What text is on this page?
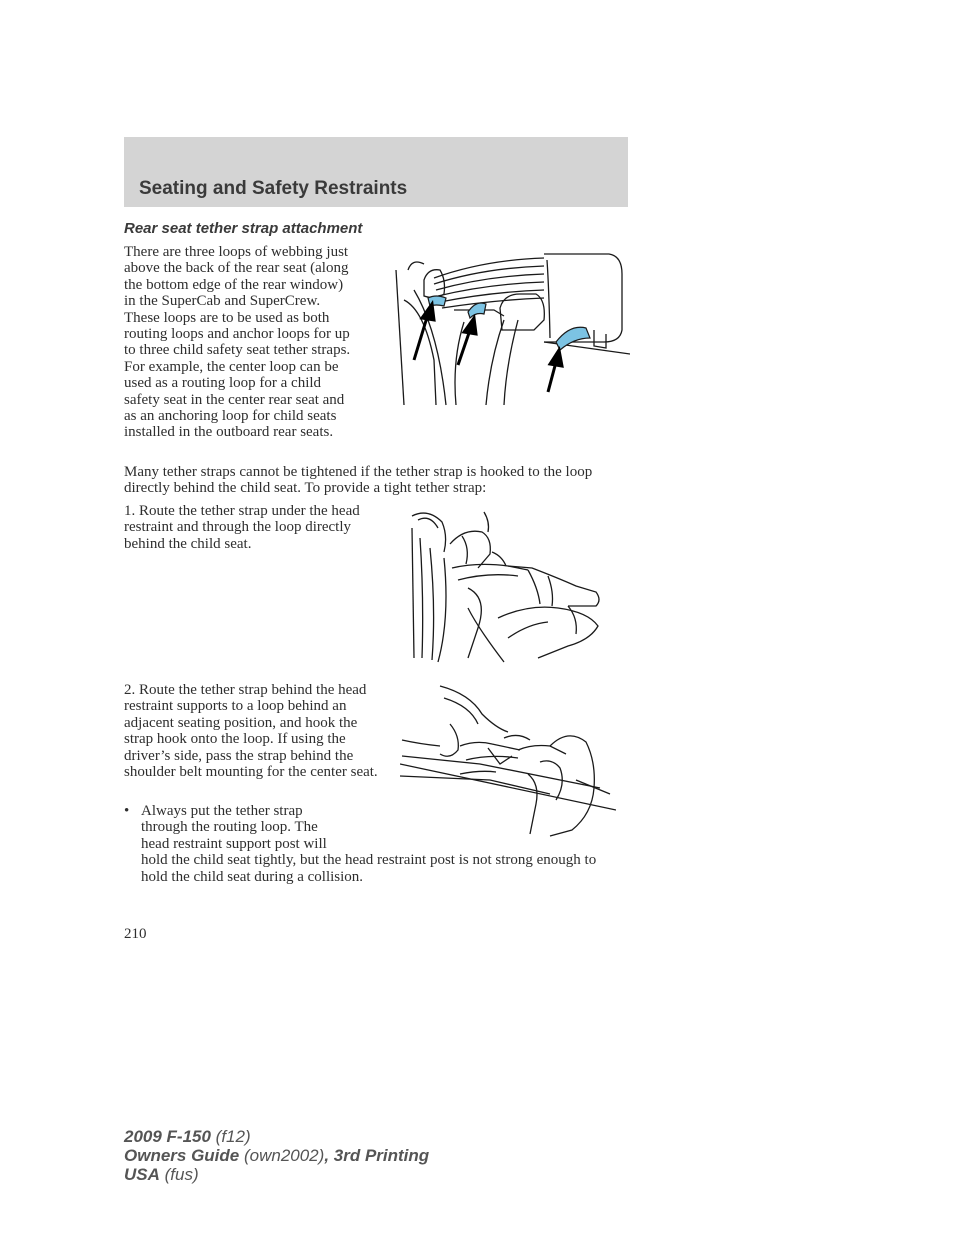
Seating and Safety Restraints
Rear seat tether strap attachment
There are three loops of webbing just above the back of the rear seat (along the bottom edge of the rear window) in the SuperCab and SuperCrew. These loops are to be used as both routing loops and anchor loops for up to three child safety seat tether straps. For example, the center loop can be used as a routing loop for a child safety seat in the center rear seat and as an anchoring loop for child seats installed in the outboard rear seats.

Many tether straps cannot be tightened if the tether strap is hooked to the loop directly behind the child seat. To provide a tight tether strap:

1. Route the tether strap under the head restraint and through the loop directly behind the child seat.

2. Route the tether strap behind the head restraint supports to a loop behind an adjacent seating position, and hook the strap hook onto the loop. If using the driver’s side, pass the strap behind the shoulder belt mounting for the center seat.

• Always put the tether strap through the routing loop. The head restraint support post will hold the child seat tightly, but the head restraint post is not strong enough to hold the child seat during a collision.
210
2009 F-150 (f12)
Owners Guide (own2002), 3rd Printing
USA (fus)
